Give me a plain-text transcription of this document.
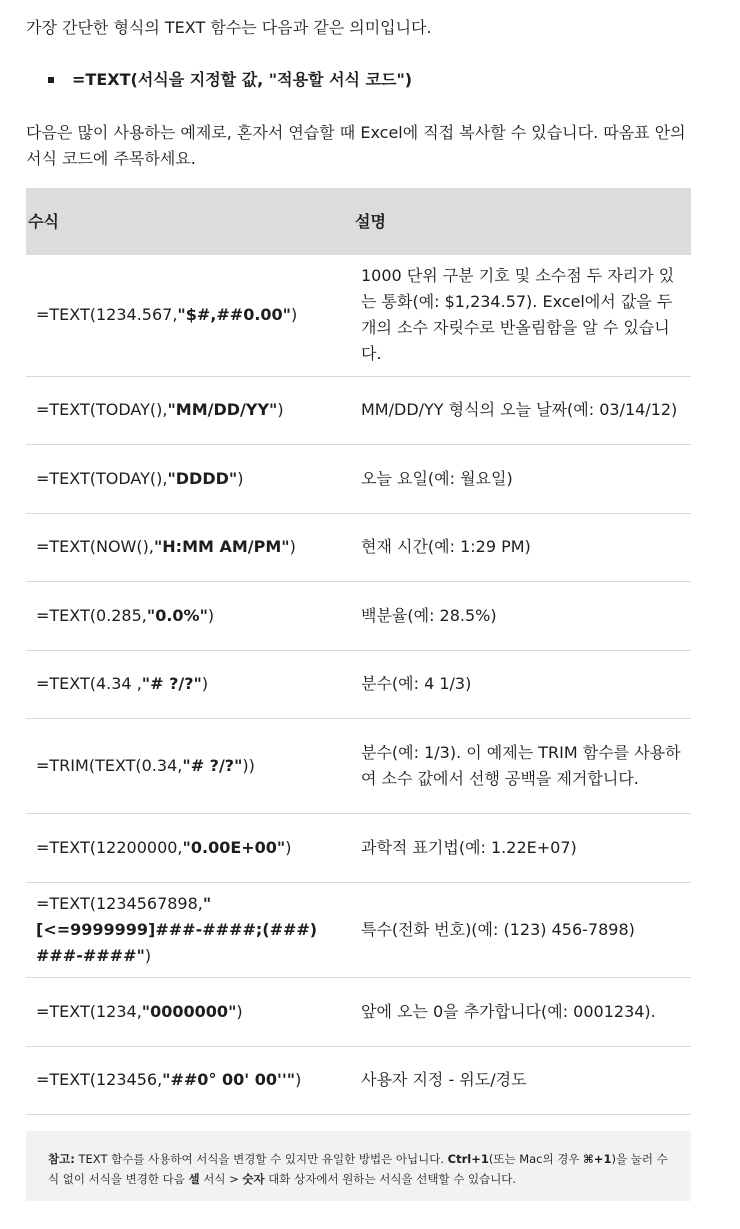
가장 간단한 형식의 TEXT 함수는 다음과 같은 의미입니다.

=TEXT(서식을 지정할 값, "적용할 서식 코드")

다음은 많이 사용하는 예제로, 혼자서 연습할 때 Excel에 직접 복사할 수 있습니다. 따옴표 안의 서식 코드에 주목하세요.

수식	설명
=TEXT(1234.567,"$#,##0.00")	1000 단위 구분 기호 및 소수점 두 자리가 있는 통화(예: $1,234.57). Excel에서 값을 두 개의 소수 자릿수로 반올림함을 알 수 있습니다.
=TEXT(TODAY(),"MM/DD/YY")	MM/DD/YY 형식의 오늘 날짜(예: 03/14/12)
=TEXT(TODAY(),"DDDD")	오늘 요일(예: 월요일)
=TEXT(NOW(),"H:MM AM/PM")	현재 시간(예: 1:29 PM)
=TEXT(0.285,"0.0%")	백분율(예: 28.5%)
=TEXT(4.34 ,"# ?/?")	분수(예: 4 1/3)
=TRIM(TEXT(0.34,"# ?/?"))	분수(예: 1/3). 이 예제는 TRIM 함수를 사용하여 소수 값에서 선행 공백을 제거합니다.
=TEXT(12200000,"0.00E+00")	과학적 표기법(예: 1.22E+07)
=TEXT(1234567898,"[<=9999999]###-####;(###) ###-####")	특수(전화 번호)(예: (123) 456-7898)
=TEXT(1234,"0000000")	앞에 오는 0을 추가합니다(예: 0001234).
=TEXT(123456,"##0° 00' 00''")	사용자 지정 - 위도/경도
참고: TEXT 함수를 사용하여 서식을 변경할 수 있지만 유일한 방법은 아닙니다. Ctrl+1(또는 Mac의 경우 ⌘+1)을 눌러 수식 없이 서식을 변경한 다음 셀 서식 > 숫자 대화 상자에서 원하는 서식을 선택할 수 있습니다.
